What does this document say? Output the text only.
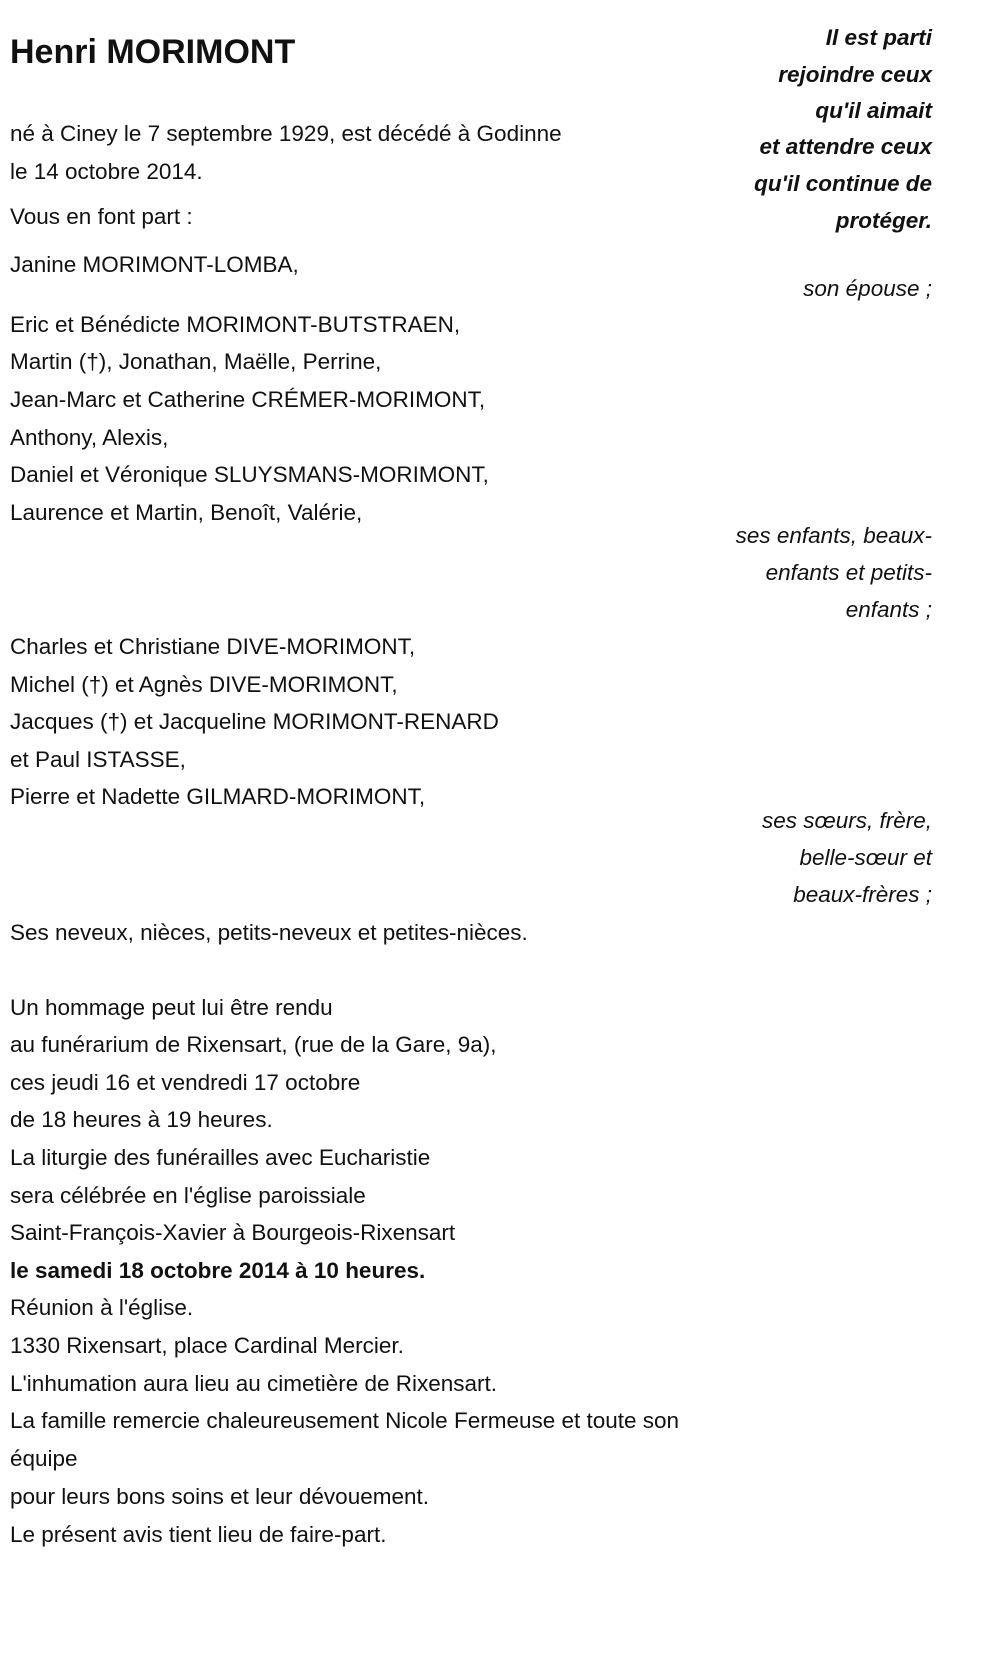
Henri MORIMONT	Il est parti
rejoindre ceux
qu'il aimait
et attendre ceux
qu'il continue de
protéger.
né à Ciney le 7 septembre 1929, est décédé à Godinne
le 14 octobre 2014.
Vous en font part :
Janine MORIMONT-LOMBA,
son épouse ;
Eric et Bénédicte MORIMONT-BUTSTRAEN,
Martin (†), Jonathan, Maëlle, Perrine,
Jean-Marc et Catherine CRÉMER-MORIMONT,
Anthony, Alexis,
Daniel et Véronique SLUYSMANS-MORIMONT,
Laurence et Martin, Benoît, Valérie,
ses enfants, beaux-
enfants et petits-
enfants ;
Charles et Christiane DIVE-MORIMONT,
Michel (†) et Agnès DIVE-MORIMONT,
Jacques (†) et Jacqueline MORIMONT-RENARD
et Paul ISTASSE,
Pierre et Nadette GILMARD-MORIMONT,
ses sœurs, frère,
belle-sœur et
beaux-frères ;
Ses neveux, nièces, petits-neveux et petites-nièces.
Un hommage peut lui être rendu
au funérarium de Rixensart, (rue de la Gare, 9a),
ces jeudi 16 et vendredi 17 octobre
de 18 heures à 19 heures.
La liturgie des funérailles avec Eucharistie
sera célébrée en l'église paroissiale
Saint-François-Xavier à Bourgeois-Rixensart
le samedi 18 octobre 2014 à 10 heures.
Réunion à l'église.
1330 Rixensart, place Cardinal Mercier.
L'inhumation aura lieu au cimetière de Rixensart.
La famille remercie chaleureusement Nicole Fermeuse et toute son
équipe
pour leurs bons soins et leur dévouement.
Le présent avis tient lieu de faire-part.
